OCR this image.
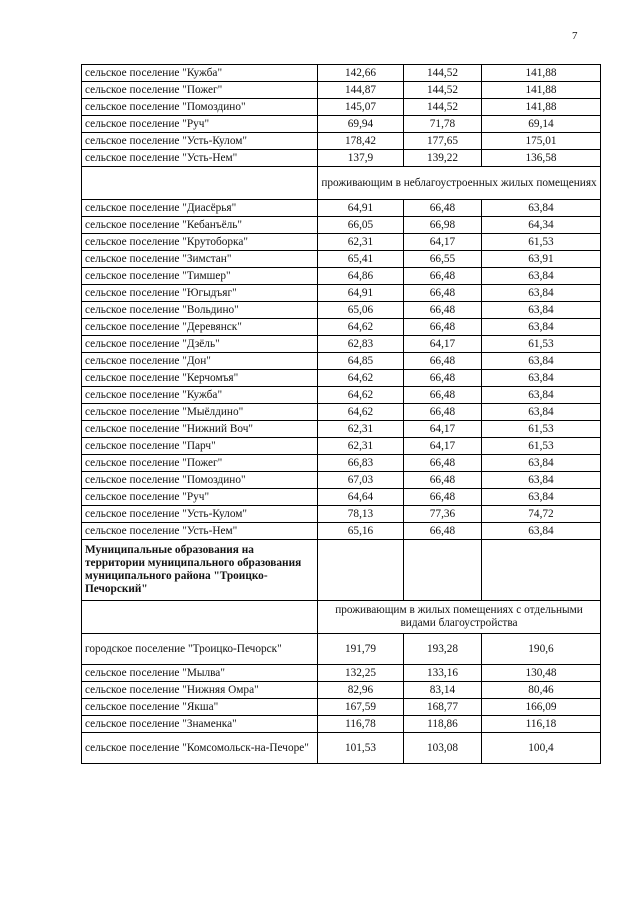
7
сельское поселение "Кужба"	142,66	144,52	141,88
сельское поселение "Пожег"	144,87	144,52	141,88
сельское поселение "Помоздино"	145,07	144,52	141,88
сельское поселение "Руч"	69,94	71,78	69,14
сельское поселение "Усть-Кулом"	178,42	177,65	175,01
сельское поселение "Усть-Нем"	137,9	139,22	136,58
	проживающим в неблагоустроенных жилых помещениях		
сельское поселение "Диасёрья"	64,91	66,48	63,84
сельское поселение "Кебанъёль"	66,05	66,98	64,34
сельское поселение "Крутоборка"	62,31	64,17	61,53
сельское поселение "Зимстан"	65,41	66,55	63,91
сельское поселение "Тимшер"	64,86	66,48	63,84
сельское поселение "Югыдъяг"	64,91	66,48	63,84
сельское поселение "Вольдино"	65,06	66,48	63,84
сельское поселение "Деревянск"	64,62	66,48	63,84
сельское поселение "Дзёль"	62,83	64,17	61,53
сельское поселение "Дон"	64,85	66,48	63,84
сельское поселение "Керчомъя"	64,62	66,48	63,84
сельское поселение "Кужба"	64,62	66,48	63,84
сельское поселение "Мыёлдино"	64,62	66,48	63,84
сельское поселение "Нижний Воч"	62,31	64,17	61,53
сельское поселение "Парч"	62,31	64,17	61,53
сельское поселение "Пожег"	66,83	66,48	63,84
сельское поселение "Помоздино"	67,03	66,48	63,84
сельское поселение "Руч"	64,64	66,48	63,84
сельское поселение "Усть-Кулом"	78,13	77,36	74,72
сельское поселение "Усть-Нем"	65,16	66,48	63,84
Муниципальные образования на территории муниципального образования муниципального района "Троицко-Печорский"			
	проживающим в жилых помещениях с отдельными видами благоустройства		
городское поселение "Троицко-Печорск"	191,79	193,28	190,6
сельское поселение "Мылва"	132,25	133,16	130,48
сельское поселение "Нижняя Омра"	82,96	83,14	80,46
сельское поселение "Якша"	167,59	168,77	166,09
сельское поселение "Знаменка"	116,78	118,86	116,18
сельское поселение "Комсомольск-на-Печоре"	101,53	103,08	100,4
